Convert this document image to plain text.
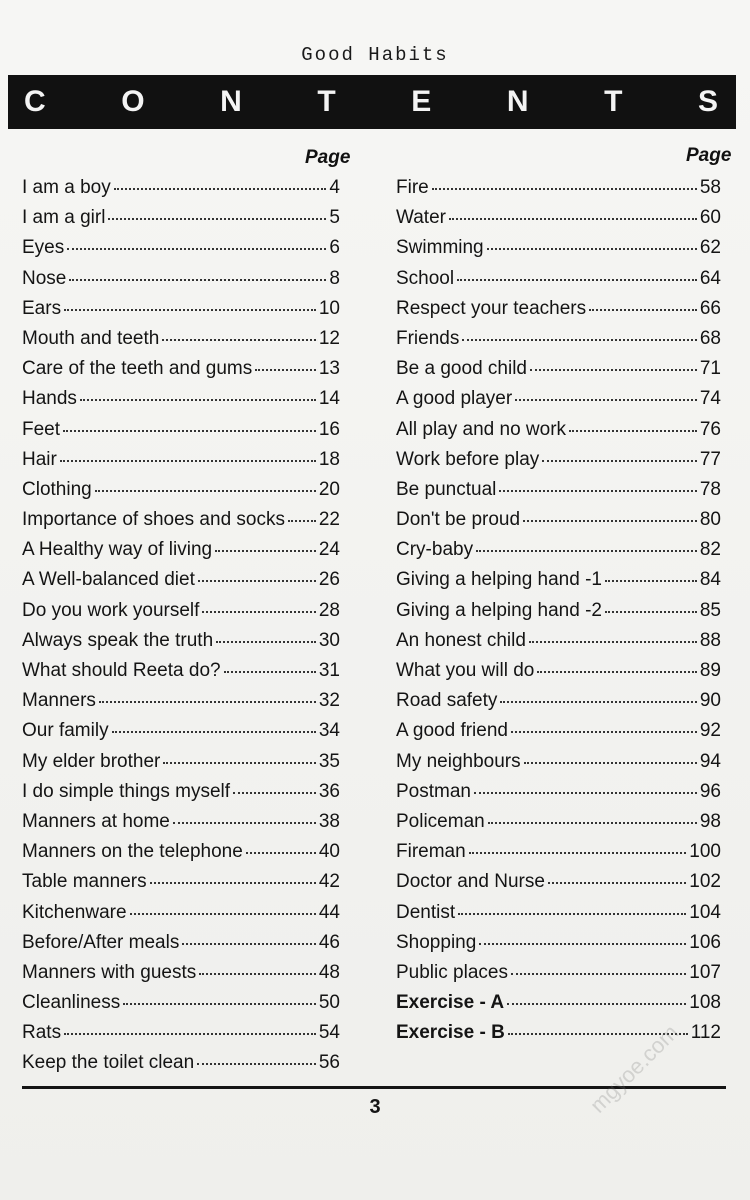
Good Habits
C	O	N	T	E	N	T	S
Page	Page
I am a boy	4
I am a girl	5
Eyes	6
Nose	8
Ears	10
Mouth and teeth	12
Care of the teeth and gums	13
Hands	14
Feet	16
Hair	18
Clothing	20
Importance of shoes and socks 22
A Healthy way of living	24
A Well-balanced diet	26
Do you work yourself	28
Always speak the truth	30
What should Reeta do?	31
Manners	32
Our family	34
My elder brother	35
I do simple things myself	36
Manners at home	38
Manners on the telephone	40
Table manners	42
Kitchenware	44
Before/After meals	46
Manners with guests	48
Cleanliness	50
Rats	54
Keep the toilet clean	56
Fire	58
Water	60
Swimming	62
School	64
Respect your teachers	66
Friends	68
Be a good child	71
A good player	74
All play and no work	76
Work before play	77
Be punctual	78
Don't be proud	80
Cry-baby	82
Giving a helping hand -1	84
Giving a helping hand -2	85
An honest child	88
What you will do	89
Road safety	90
A good friend	92
My neighbours	94
Postman	96
Policeman	98
Fireman	100
Doctor and Nurse	102
Dentist	104
Shopping	106
Public places	107
Exercise - A	108
Exercise - B	112
3	mgyoe.com
